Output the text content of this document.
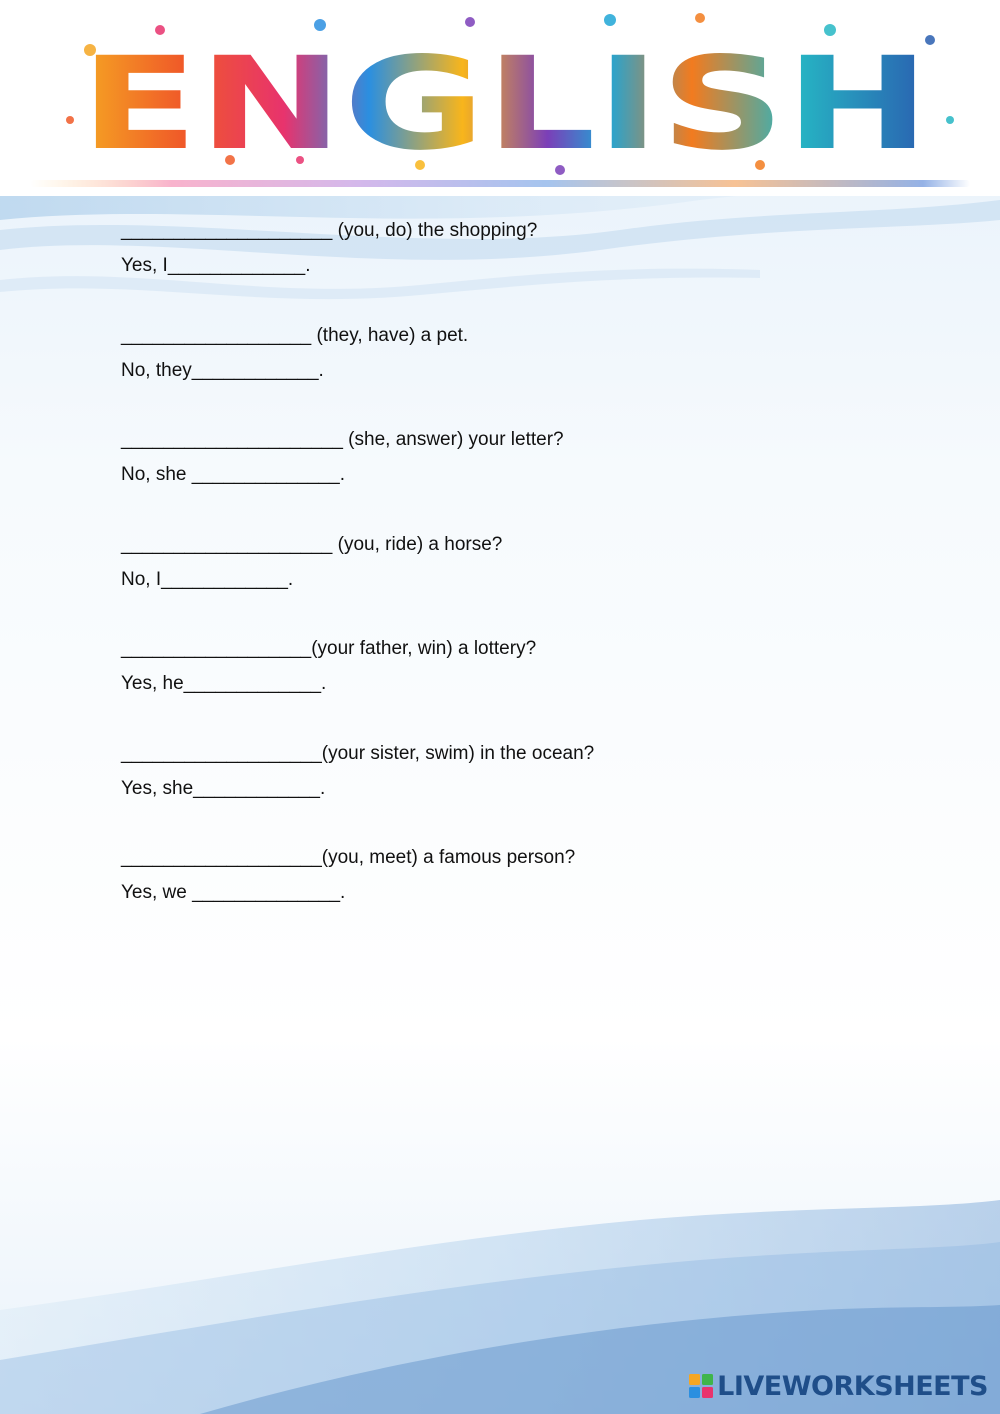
ENGLISH
____________________ (you, do) the shopping?
Yes, I_____________.
__________________ (they, have) a pet.
No, they____________.
_____________________ (she, answer) your letter?
No, she ______________.
____________________ (you, ride) a horse?
No, I____________.
__________________(your father, win) a lottery?
Yes, he_____________.
___________________(your sister, swim) in the ocean?
Yes, she____________.
___________________(you, meet) a famous person?
Yes, we ______________.
LIVEWORKSHEETS
